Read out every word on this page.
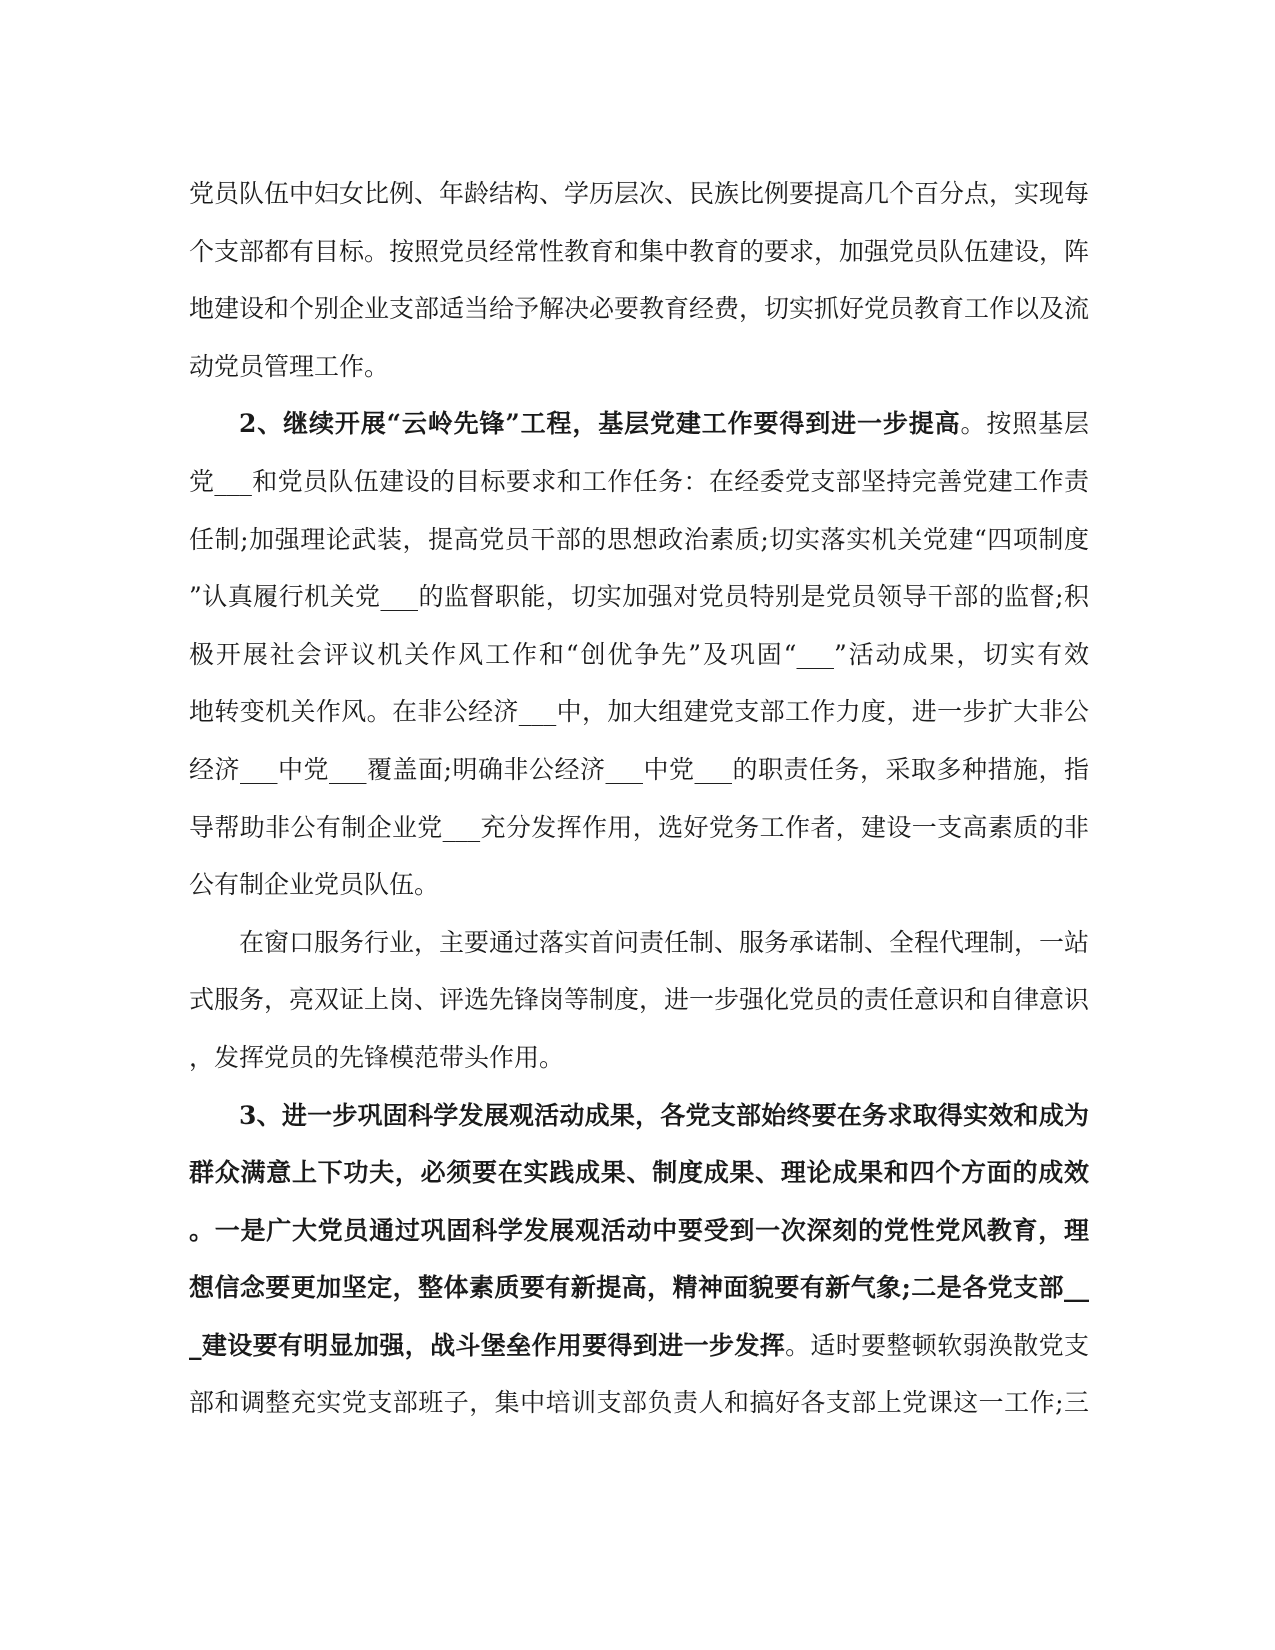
党员队伍中妇女比例、年龄结构、学历层次、民族比例要提高几个百分点，实现每
个支部都有目标。按照党员经常性教育和集中教育的要求，加强党员队伍建设，阵
地建设和个别企业支部适当给予解决必要教育经费，切实抓好党员教育工作以及流
动党员管理工作。
2、继续开展“云岭先锋”工程，基层党建工作要得到进一步提高。按照基层
党___和党员队伍建设的目标要求和工作任务：在经委党支部坚持完善党建工作责
任制;加强理论武装，提高党员干部的思想政治素质;切实落实机关党建“四项制度
”认真履行机关党___的监督职能，切实加强对党员特别是党员领导干部的监督;积
极开展社会评议机关作风工作和“创优争先”及巩固“___”活动成果，切实有效
地转变机关作风。在非公经济___中，加大组建党支部工作力度，进一步扩大非公
经济___中党___覆盖面;明确非公经济___中党___的职责任务，采取多种措施，指
导帮助非公有制企业党___充分发挥作用，选好党务工作者，建设一支高素质的非
公有制企业党员队伍。
在窗口服务行业，主要通过落实首问责任制、服务承诺制、全程代理制，一站
式服务，亮双证上岗、评选先锋岗等制度，进一步强化党员的责任意识和自律意识
，发挥党员的先锋模范带头作用。
3、进一步巩固科学发展观活动成果，各党支部始终要在务求取得实效和成为
群众满意上下功夫，必须要在实践成果、制度成果、理论成果和四个方面的成效
。一是广大党员通过巩固科学发展观活动中要受到一次深刻的党性党风教育，理
想信念要更加坚定，整体素质要有新提高，精神面貌要有新气象;二是各党支部__
_建设要有明显加强，战斗堡垒作用要得到进一步发挥。适时要整顿软弱涣散党支
部和调整充实党支部班子，集中培训支部负责人和搞好各支部上党课这一工作;三
